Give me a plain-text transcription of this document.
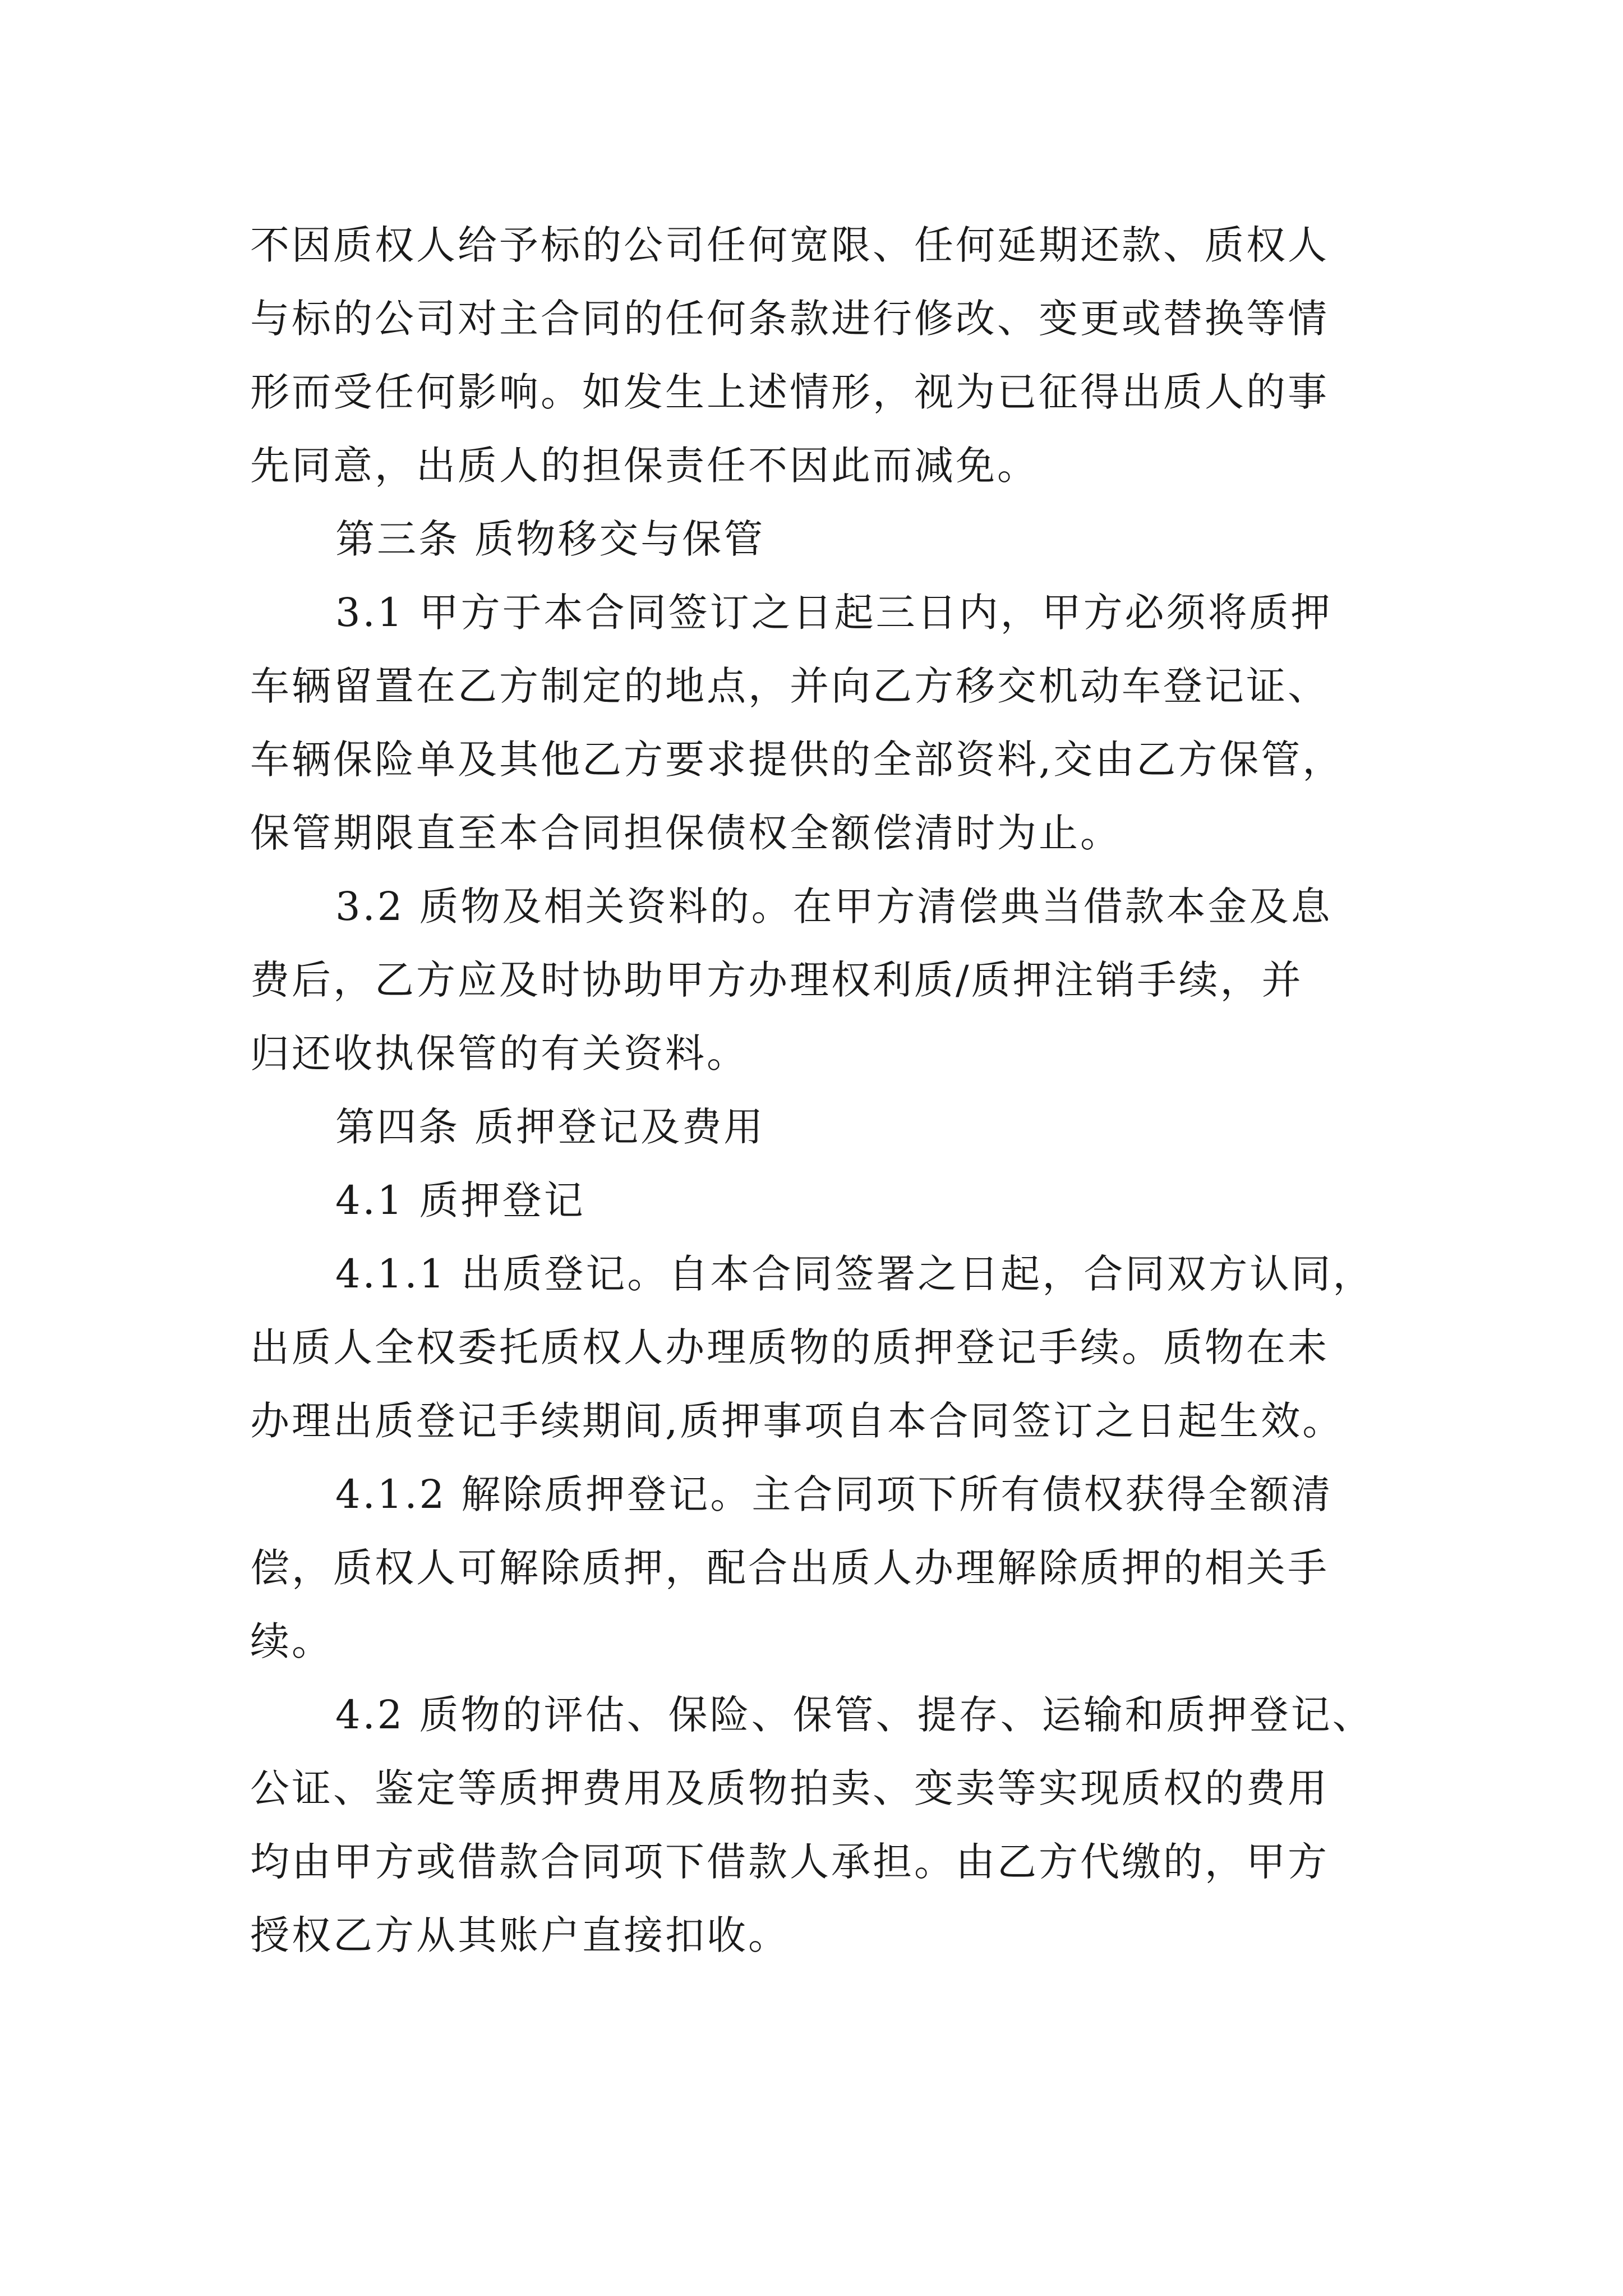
不因质权人给予标的公司任何宽限、任何延期还款、质权人
与标的公司对主合同的任何条款进行修改、变更或替换等情
形而受任何影响。如发生上述情形，视为已征得出质人的事
先同意，出质人的担保责任不因此而减免。
第三条 质物移交与保管
3.1 甲方于本合同签订之日起三日内，甲方必须将质押
车辆留置在乙方制定的地点，并向乙方移交机动车登记证、
车辆保险单及其他乙方要求提供的全部资料,交由乙方保管，
保管期限直至本合同担保债权全额偿清时为止。
3.2 质物及相关资料的。在甲方清偿典当借款本金及息
费后，乙方应及时协助甲方办理权利质/质押注销手续，并
归还收执保管的有关资料。
第四条 质押登记及费用
4.1 质押登记
4.1.1 出质登记。自本合同签署之日起，合同双方认同，
出质人全权委托质权人办理质物的质押登记手续。质物在未
办理出质登记手续期间,质押事项自本合同签订之日起生效。
4.1.2 解除质押登记。主合同项下所有债权获得全额清
偿，质权人可解除质押，配合出质人办理解除质押的相关手
续。
4.2 质物的评估、保险、保管、提存、运输和质押登记、
公证、鉴定等质押费用及质物拍卖、变卖等实现质权的费用
均由甲方或借款合同项下借款人承担。由乙方代缴的，甲方
授权乙方从其账户直接扣收。
